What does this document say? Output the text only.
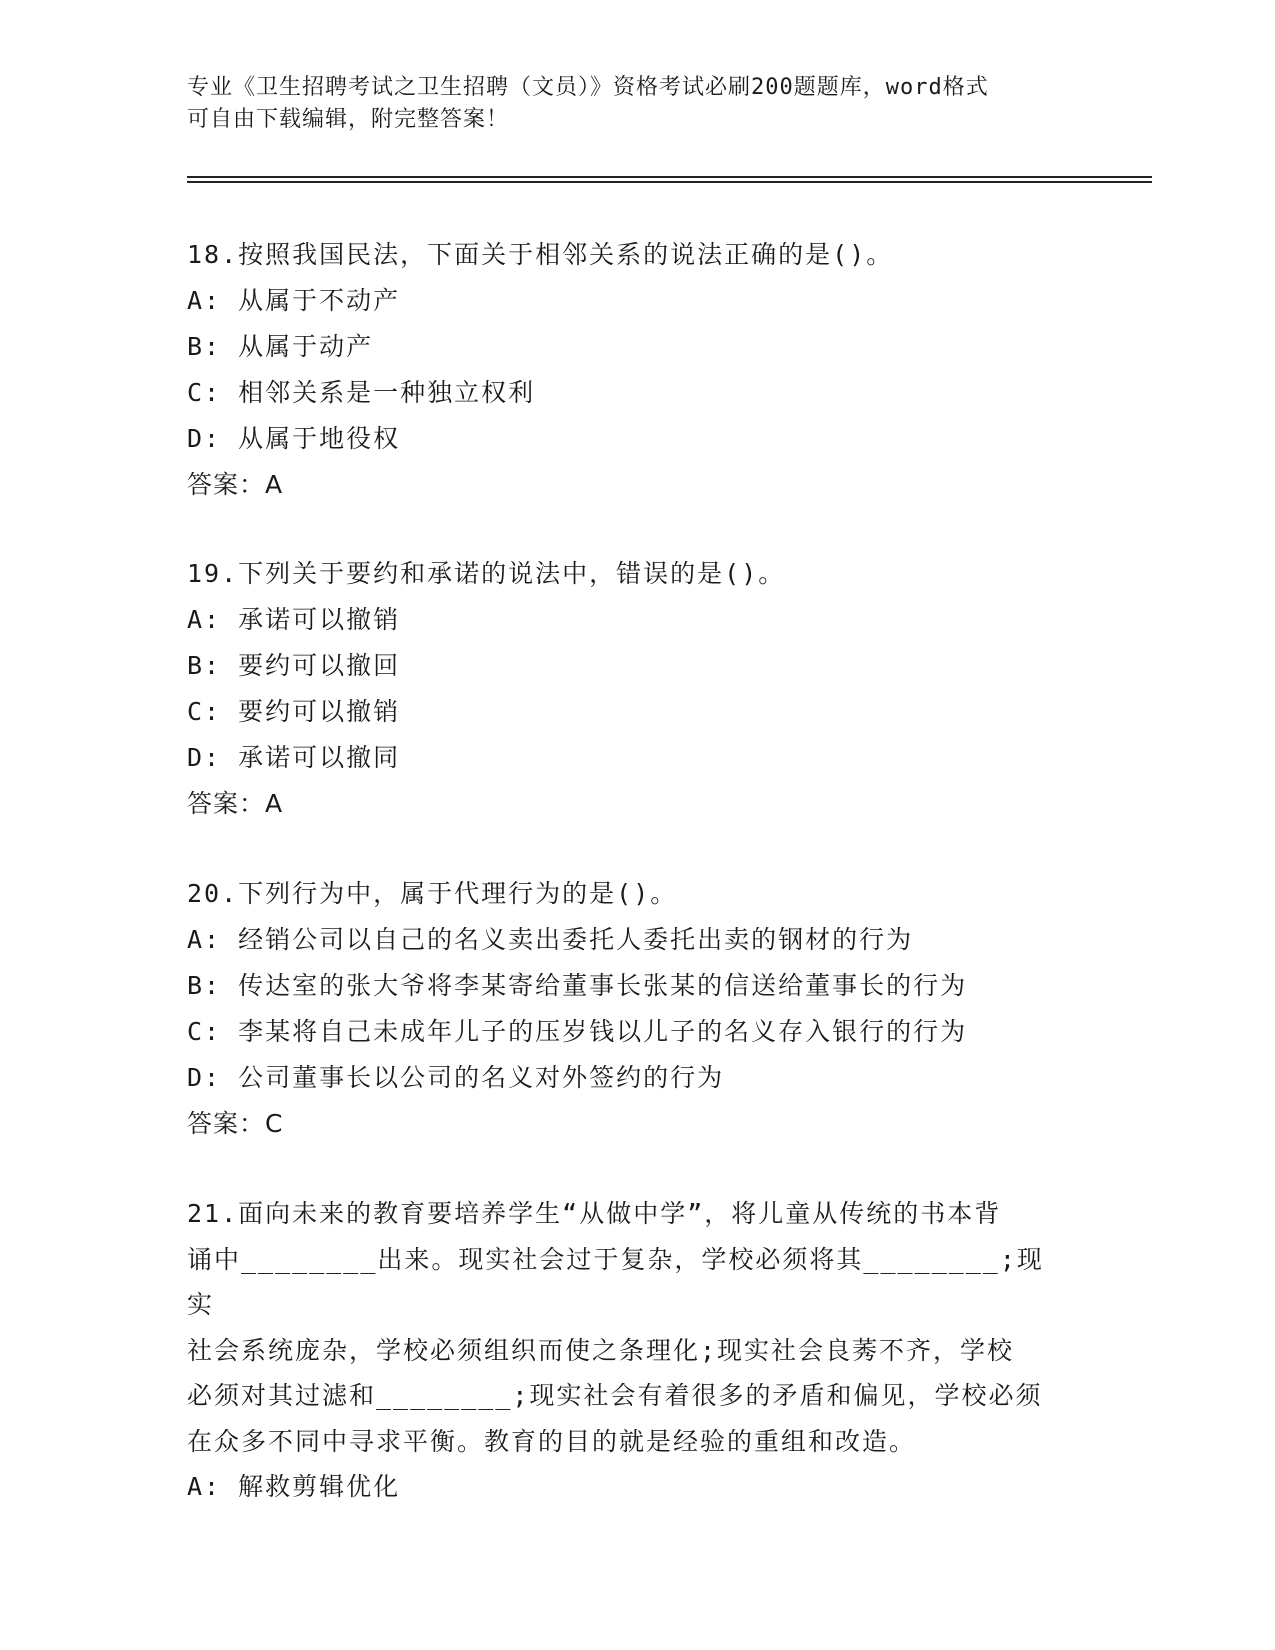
专业《卫生招聘考试之卫生招聘（文员）》资格考试必刷200题题库，word格式
可自由下载编辑，附完整答案！

18.按照我国民法，下面关于相邻关系的说法正确的是()。

A: 从属于不动产

B: 从属于动产

C: 相邻关系是一种独立权利

D: 从属于地役权

答案：A

19.下列关于要约和承诺的说法中，错误的是()。

A: 承诺可以撤销

B: 要约可以撤回

C: 要约可以撤销

D: 承诺可以撤同

答案：A

20.下列行为中，属于代理行为的是()。

A: 经销公司以自己的名义卖出委托人委托出卖的钢材的行为

B: 传达室的张大爷将李某寄给董事长张某的信送给董事长的行为

C: 李某将自己未成年儿子的压岁钱以儿子的名义存入银行的行为

D: 公司董事长以公司的名义对外签约的行为

答案：C

21.面向未来的教育要培养学生“从做中学”，将儿童从传统的书本背

诵中________出来。现实社会过于复杂，学校必须将其________;现实

社会系统庞杂，学校必须组织而使之条理化;现实社会良莠不齐，学校

必须对其过滤和________;现实社会有着很多的矛盾和偏见，学校必须

在众多不同中寻求平衡。教育的目的就是经验的重组和改造。

A: 解救剪辑优化
